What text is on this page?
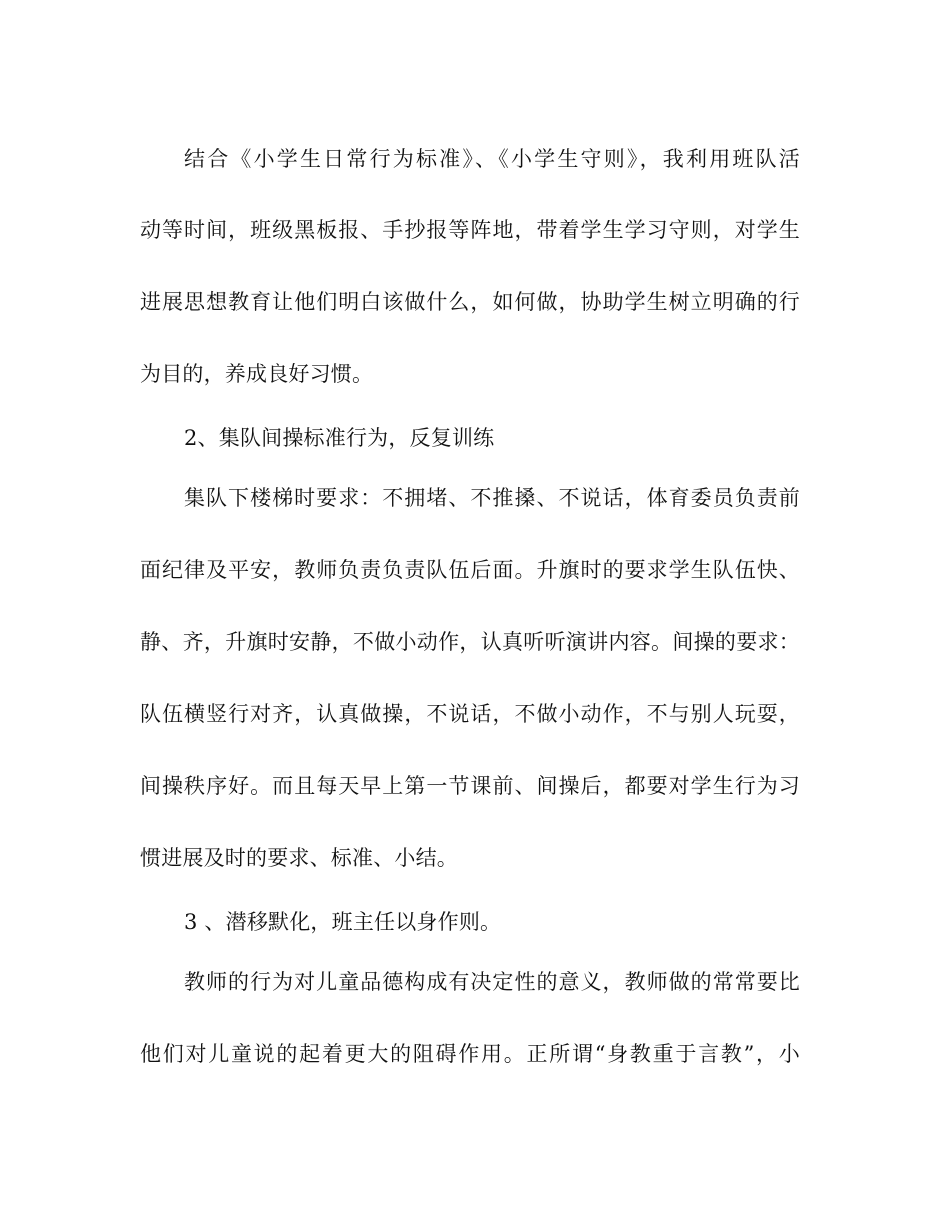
结合《小学生日常行为标准》、《小学生守则》，我利用班队活
动等时间，班级黑板报、手抄报等阵地，带着学生学习守则，对学生
进展思想教育让他们明白该做什么，如何做，协助学生树立明确的行
为目的，养成良好习惯。
2、集队间操标准行为，反复训练
集队下楼梯时要求：不拥堵、不推搡、不说话，体育委员负责前
面纪律及平安，教师负责负责队伍后面。升旗时的要求学生队伍快、
静、齐，升旗时安静，不做小动作，认真听听演讲内容。间操的要求：
队伍横竖行对齐，认真做操，不说话，不做小动作，不与别人玩耍，
间操秩序好。而且每天早上第一节课前、间操后，都要对学生行为习
惯进展及时的要求、标准、小结。
3 、潜移默化，班主任以身作则。
教师的行为对儿童品德构成有决定性的意义，教师做的常常要比
他们对儿童说的起着更大的阻碍作用。正所谓“身教重于言教”，小
